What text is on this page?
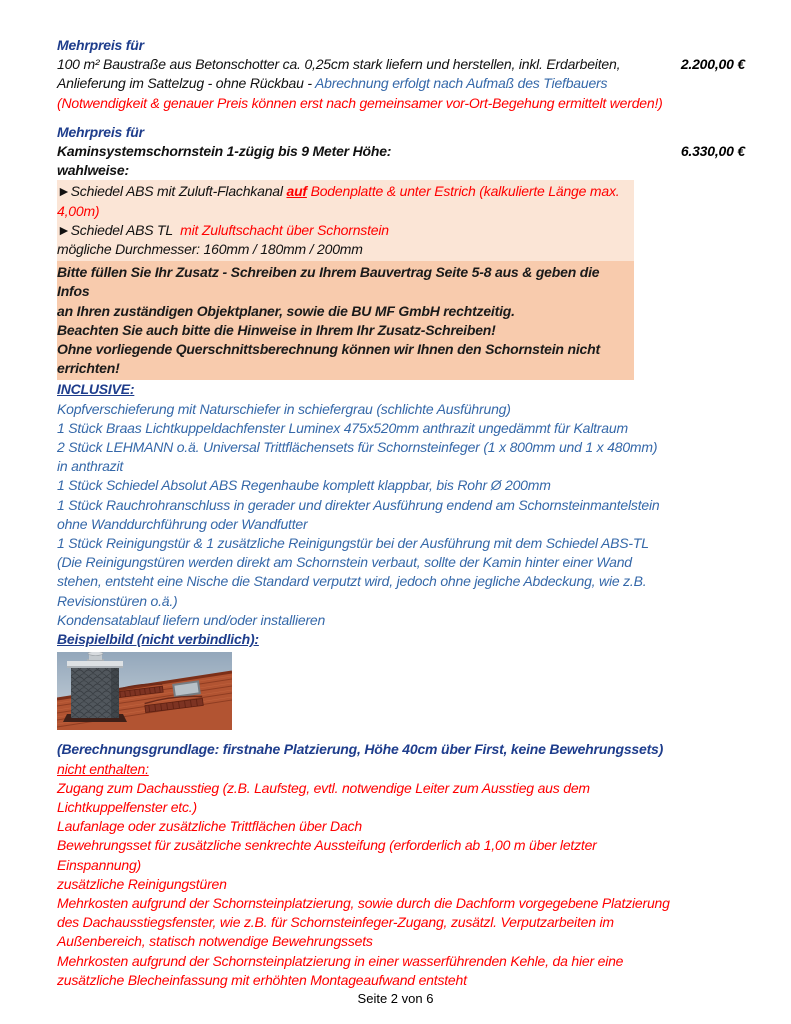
Mehrpreis für
100 m² Baustraße aus Betonschotter ca. 0,25cm stark liefern und herstellen, inkl. Erdarbeiten,	2.200,00 €
Anlieferung im Sattelzug - ohne Rückbau - Abrechnung erfolgt nach Aufmaß des Tiefbauers
(Notwendigkeit & genauer Preis können erst nach gemeinsamer vor-Ort-Begehung ermittelt werden!)
Mehrpreis für
Kaminsystemschornstein 1-zügig bis 9 Meter Höhe:	6.330,00 €
wahlweise:
►Schiedel ABS mit Zuluft-Flachkanal auf Bodenplatte & unter Estrich (kalkulierte Länge max. 4,00m)
►Schiedel ABS TL  mit Zuluftschacht über Schornstein
mögliche Durchmesser: 160mm / 180mm / 200mm
Bitte füllen Sie Ihr Zusatz - Schreiben zu Ihrem Bauvertrag Seite 5-8 aus & geben die Infos
an Ihren zuständigen Objektplaner, sowie die BU MF GmbH rechtzeitig.
Beachten Sie auch bitte die Hinweise in Ihrem Ihr Zusatz-Schreiben!
Ohne vorliegende Querschnittsberechnung können wir Ihnen den Schornstein nicht errichten!
INCLUSIVE:
Kopfverschieferung mit Naturschiefer in schiefergrau (schlichte Ausführung)
1 Stück Braas Lichtkuppeldachfenster Luminex 475x520mm anthrazit ungedämmt für Kaltraum
2 Stück LEHMANN o.ä. Universal Trittflächensets für Schornsteinfeger (1 x 800mm und 1 x 480mm)
in anthrazit
1 Stück Schiedel Absolut ABS Regenhaube komplett klappbar, bis Rohr Ø 200mm
1 Stück Rauchrohranschluss in gerader und direkter Ausführung endend am Schornsteinmantelstein
ohne Wanddurchführung oder Wandfutter
1 Stück Reinigungstür & 1 zusätzliche Reinigungstür bei der Ausführung mit dem Schiedel ABS-TL
(Die Reinigungstüren werden direkt am Schornstein verbaut, sollte der Kamin hinter einer Wand
stehen, entsteht eine Nische die Standard verputzt wird, jedoch ohne jegliche Abdeckung, wie z.B.
Revisionstüren o.ä.)
Kondensatablauf liefern und/oder installieren
Beispielbild (nicht verbindlich):
(Berechnungsgrundlage: firstnahe Platzierung, Höhe 40cm über First, keine Bewehrungssets)
nicht enthalten:
Zugang zum Dachausstieg (z.B. Laufsteg, evtl. notwendige Leiter zum Ausstieg aus dem
Lichtkuppelfenster etc.)
Laufanlage oder zusätzliche Trittflächen über Dach
Bewehrungsset für zusätzliche senkrechte Aussteifung (erforderlich ab 1,00 m über letzter
Einspannung)
zusätzliche Reinigungstüren
Mehrkosten aufgrund der Schornsteinplatzierung, sowie durch die Dachform vorgegebene Platzierung
des Dachausstiegsfenster, wie z.B. für Schornsteinfeger-Zugang, zusätzl. Verputzarbeiten im
Außenbereich, statisch notwendige Bewehrungssets
Mehrkosten aufgrund der Schornsteinplatzierung in einer wasserführenden Kehle, da hier eine
zusätzliche Blecheinfassung mit erhöhten Montageaufwand entsteht
Seite 2 von 6
